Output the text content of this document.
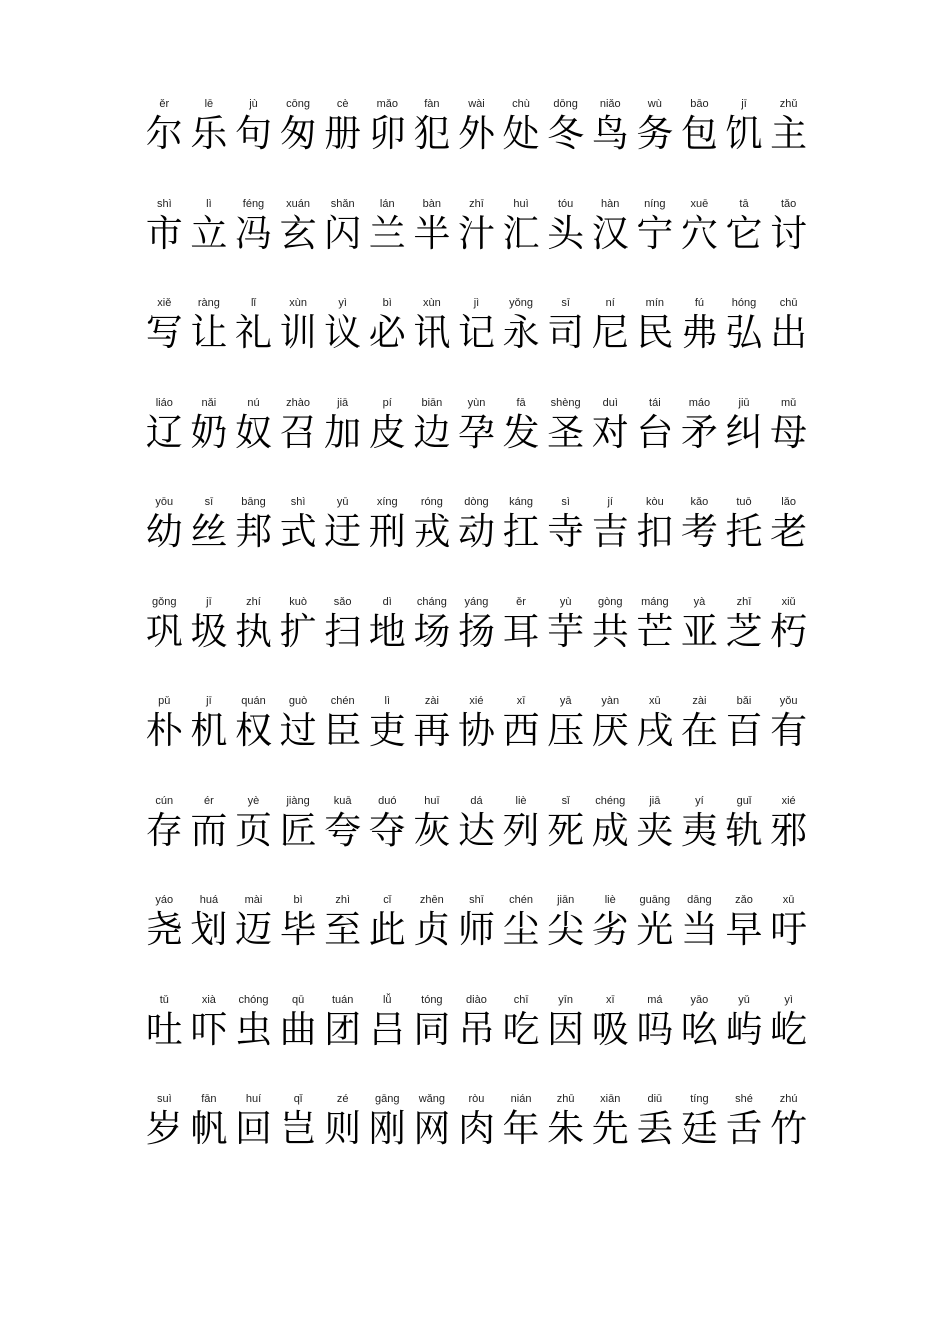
ěr
尔
lē
乐
jù
句
cōng
匆
cè
册
mǎo
卯
fàn
犯
wài
外
chù
处
dōng
冬
niǎo
鸟
wù
务
bāo
包
jī
饥
zhǔ
主
shì
市
lì
立
féng
冯
xuán
玄
shǎn
闪
lán
兰
bàn
半
zhī
汁
huì
汇
tóu
头
hàn
汉
níng
宁
xuē
穴
tā
它
tǎo
讨
xiě
写
ràng
让
lǐ
礼
xùn
训
yì
议
bì
必
xùn
讯
jì
记
yǒng
永
sī
司
ní
尼
mín
民
fú
弗
hóng
弘
chū
出
liáo
辽
nǎi
奶
nú
奴
zhào
召
jiā
加
pí
皮
biān
边
yùn
孕
fā
发
shèng
圣
duì
对
tái
台
máo
矛
jiū
纠
mǔ
母
yōu
幼
sī
丝
bāng
邦
shì
式
yū
迂
xíng
刑
róng
戎
dòng
动
káng
扛
sì
寺
jí
吉
kòu
扣
kǎo
考
tuō
托
lǎo
老
gǒng
巩
jī
圾
zhí
执
kuò
扩
sǎo
扫
dì
地
cháng
场
yáng
扬
ěr
耳
yù
芋
gòng
共
máng
芒
yà
亚
zhī
芝
xiǔ
朽
pǔ
朴
jī
机
quán
权
guò
过
chén
臣
lì
吏
zài
再
xié
协
xī
西
yā
压
yàn
厌
xū
戌
zài
在
bǎi
百
yǒu
有
cún
存
ér
而
yè
页
jiàng
匠
kuā
夸
duó
夺
huī
灰
dá
达
liè
列
sǐ
死
chéng
成
jiā
夹
yí
夷
guǐ
轨
xié
邪
yáo
尧
huá
划
mài
迈
bì
毕
zhì
至
cǐ
此
zhēn
贞
shī
师
chén
尘
jiān
尖
liè
劣
guāng
光
dāng
当
zǎo
早
xū
吁
tǔ
吐
xià
吓
chóng
虫
qū
曲
tuán
团
lǚ
吕
tóng
同
diào
吊
chī
吃
yīn
因
xī
吸
má
吗
yāo
吆
yǔ
屿
yì
屹
suì
岁
fān
帆
huí
回
qǐ
岂
zé
则
gāng
刚
wǎng
网
ròu
肉
nián
年
zhū
朱
xiān
先
diū
丢
tíng
廷
shé
舌
zhú
竹
